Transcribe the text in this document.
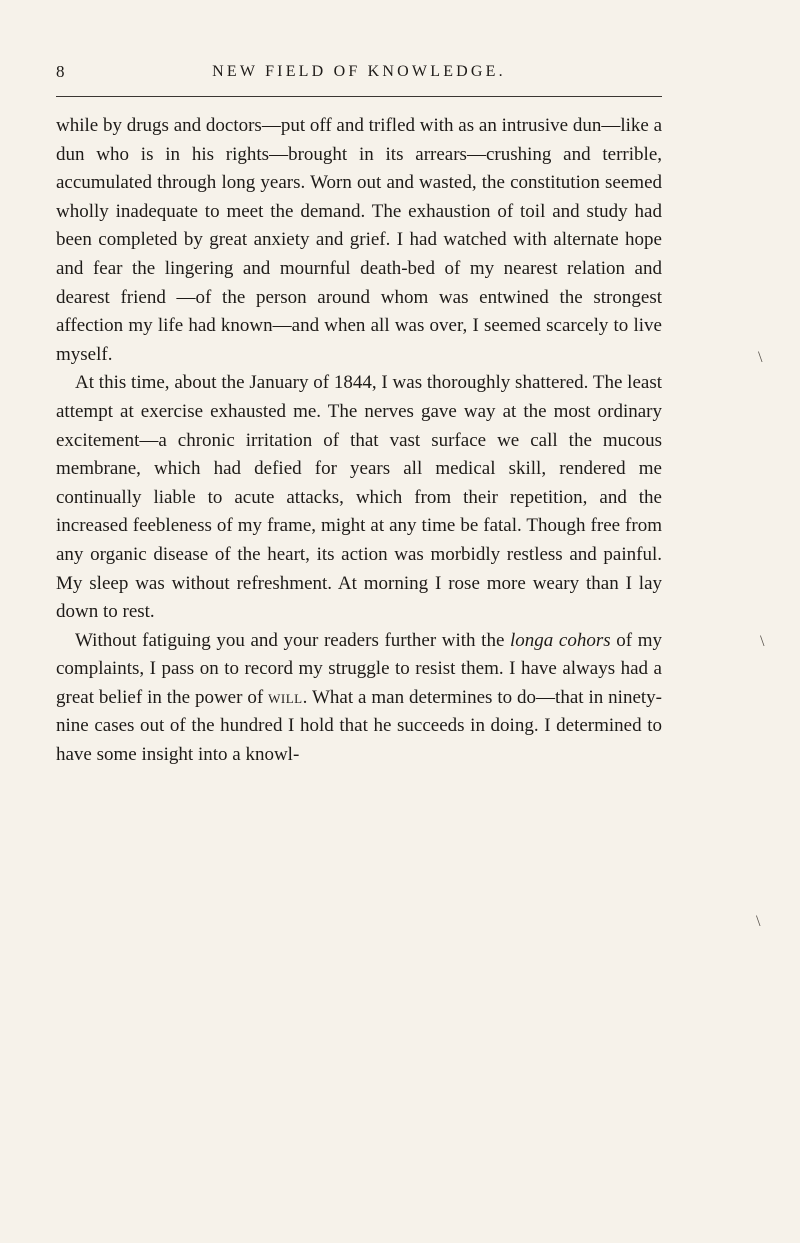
8	NEW FIELD OF KNOWLEDGE.

while by drugs and doctors—put off and trifled with as an intrusive dun—like a dun who is in his rights—brought in its arrears—crushing and terrible, accumulated through long years. Worn out and wasted, the constitution seemed wholly inadequate to meet the demand. The exhaustion of toil and study had been completed by great anxiety and grief. I had watched with alternate hope and fear the lingering and mournful death-bed of my nearest relation and dearest friend —of the person around whom was entwined the strongest affection my life had known—and when all was over, I seemed scarcely to live myself.

At this time, about the January of 1844, I was thoroughly shattered. The least attempt at exercise exhausted me. The nerves gave way at the most ordinary excitement—a chronic irritation of that vast surface we call the mucous membrane, which had defied for years all medical skill, rendered me continually liable to acute attacks, which from their repetition, and the increased feebleness of my frame, might at any time be fatal. Though free from any organic disease of the heart, its action was morbidly restless and painful. My sleep was without refreshment. At morning I rose more weary than I lay down to rest.

Without fatiguing you and your readers further with the longa cohors of my complaints, I pass on to record my struggle to resist them. I have always had a great belief in the power of will. What a man determines to do—that in ninety-nine cases out of the hundred I hold that he succeeds in doing. I determined to have some insight into a knowl-

\
\
\
